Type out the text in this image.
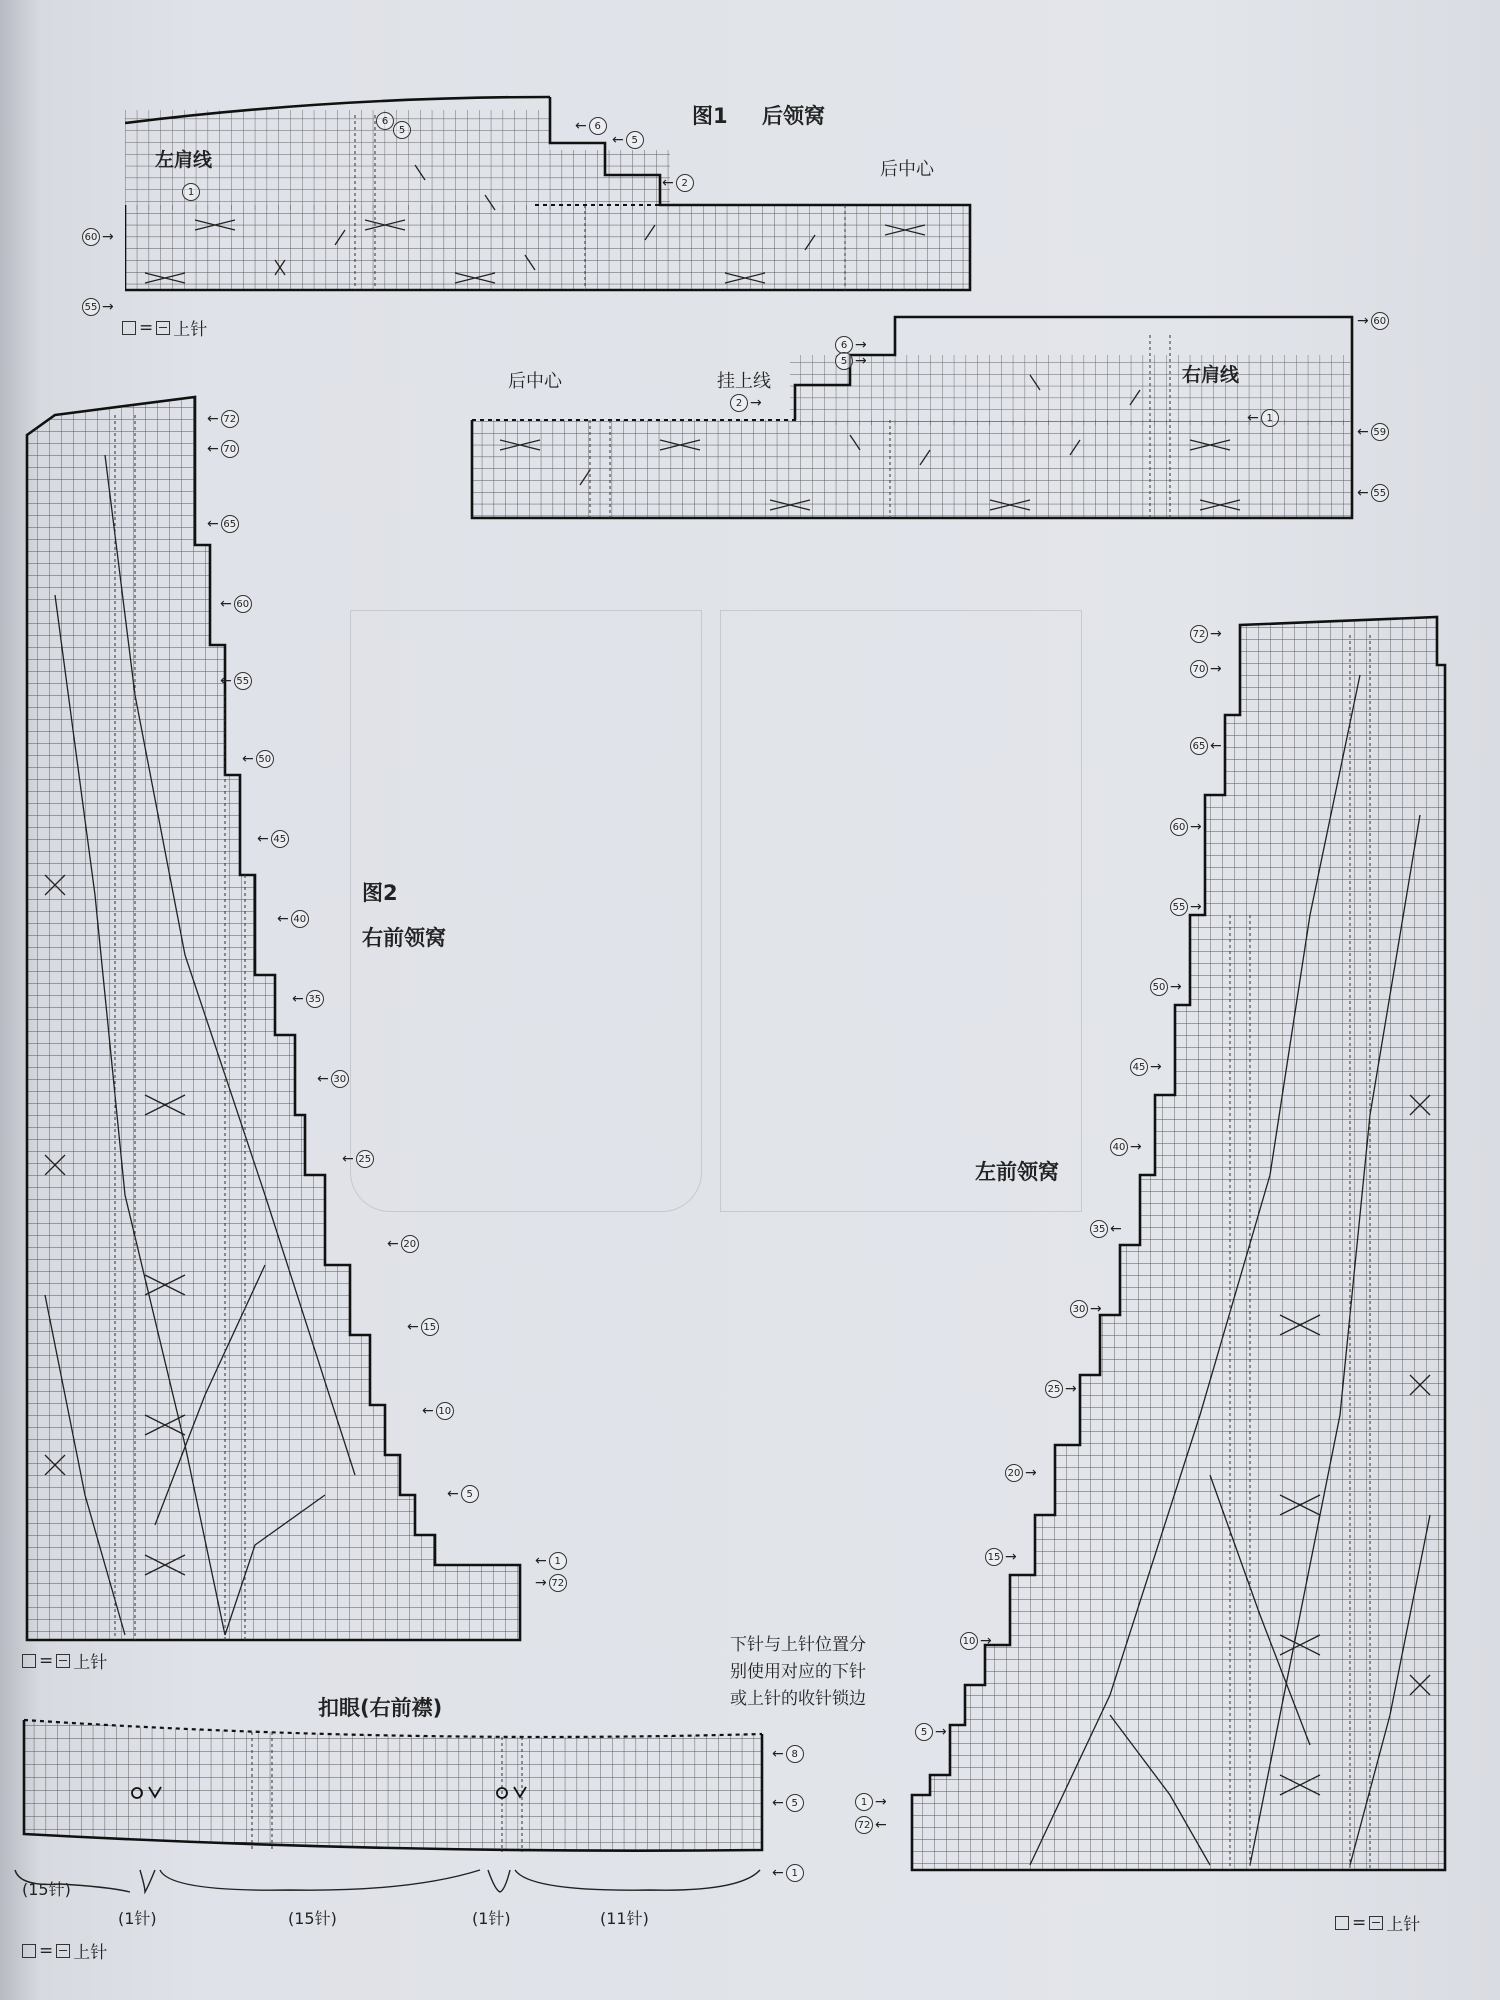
图1 后领窝
左肩线	后中心
6
5
1
← 6
← 5
← 2
60 →
55 →
= 上针
后中心	挂上线	右肩线
6 →
5 →
2 →
→ 60
← 1
← 59
← 55
图2
右前领窝
← 72
← 70
← 65
← 60
← 55
← 50
← 45
← 40
← 35
← 30
← 25
← 20
← 15
← 10
← 5
← 1
→ 72
= 上针
左前领窝
72 →
70 →
65 ←
60 →
55 →
50 →
45 →
40 →
35 ←
30 →
25 →
20 →
15 →
10 →
5 →
1 →
72 ←
= 上针
扣眼(右前襟)
下针与上针位置分
别使用对应的下针
或上针的收针锁边
← 8
← 5
← 1
(15针)
(1针)	(15针)	(1针)	(11针)
= 上针
